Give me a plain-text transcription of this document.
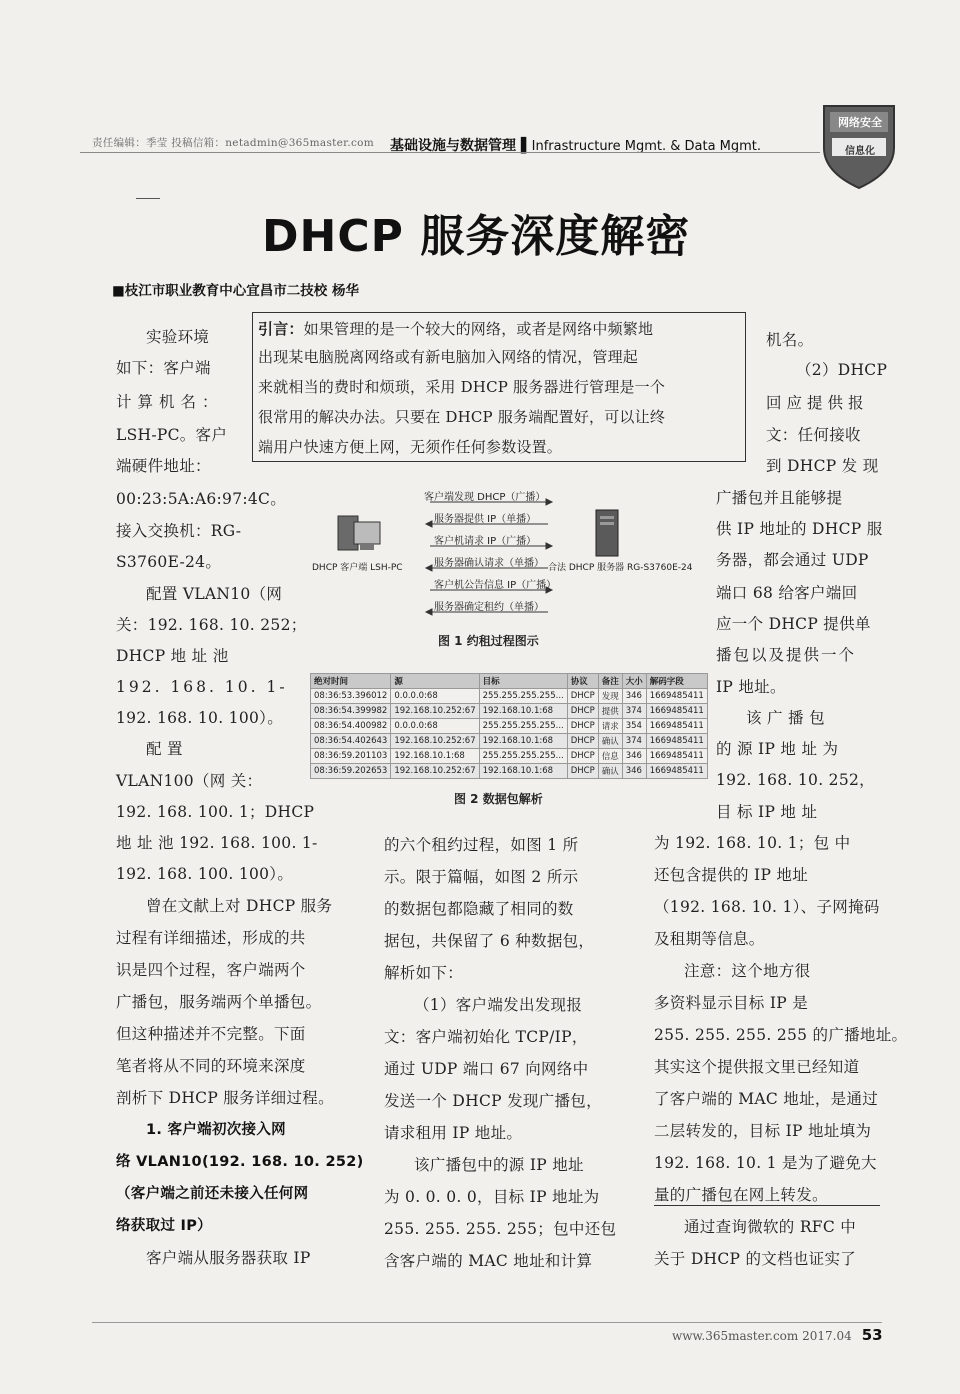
责任编辑：季莹 投稿信箱：netadmin@365master.com 基础设施与数据管理 ▌Infrastructure Mgmt. & Data Mgmt.
网络安全
信息化
DHCP 服务深度解密
■枝江市职业教育中心宜昌市二技校 杨华
引言：如果管理的是一个较大的网络，或者是网络中频繁地
出现某电脑脱离网络或有新电脑加入网络的情况，管理起
来就相当的费时和烦琐，采用 DHCP 服务器进行管理是一个
很常用的解决办法。只要在 DHCP 服务端配置好，可以让终
端用户快速方便上网，无须作任何参数设置。
实验环境
如下：客户端
计算机名：
LSH-PC。客户
端硬件地址：
00:23:5A:A6:97:4C。
接入交换机：RG-
S3760E-24。
配置 VLAN10（网
关：192. 168. 10. 252；
DHCP 地 址 池
192. 168. 10. 1-
192. 168. 10. 100）。
配 置
VLAN100（网 关：
192. 168. 100. 1；DHCP
地 址 池 192. 168. 100. 1-
192. 168. 100. 100）。
曾在文献上对 DHCP 服务
过程有详细描述，形成的共
识是四个过程，客户端两个
广播包，服务端两个单播包。
但这种描述并不完整。下面
笔者将从不同的环境来深度
剖析下 DHCP 服务详细过程。
1. 客户端初次接入网
络 VLAN10(192. 168. 10. 252)
（客户端之前还未接入任何网
络获取过 IP）
客户端从服务器获取 IP
客户端发现 DHCP（广播）
服务器提供 IP（单播）
客户机请求 IP（广播）
服务器确认请求（单播）
客户机公告信息 IP（广播）
服务器确定租约（单播）
DHCP 客户端 LSH-PC	合法 DHCP 服务器 RG-S3760E-24
图 1 约租过程图示
绝对时间	源	目标	协议	备注	大小	解码字段
08:36:53.396012	0.0.0.0:68	255.255.255.255...	DHCP	发现	346	1669485411
08:36:54.399982	192.168.10.252:67	192.168.10.1:68	DHCP	提供	374	1669485411
08:36:54.400982	0.0.0.0:68	255.255.255.255...	DHCP	请求	354	1669485411
08:36:54.402643	192.168.10.252:67	192.168.10.1:68	DHCP	确认	374	1669485411
08:36:59.201103	192.168.10.1:68	255.255.255.255...	DHCP	信息	346	1669485411
08:36:59.202653	192.168.10.252:67	192.168.10.1:68	DHCP	确认	346	1669485411
图 2 数据包解析
的六个租约过程，如图 1 所
示。限于篇幅，如图 2 所示
的数据包都隐藏了相同的数
据包，共保留了 6 种数据包，
解析如下：
（1）客户端发出发现报
文：客户端初始化 TCP/IP，
通过 UDP 端口 67 向网络中
发送一个 DHCP 发现广播包，
请求租用 IP 地址。
该广播包中的源 IP 地址
为 0. 0. 0. 0，目标 IP 地址为
255. 255. 255. 255；包中还包
含客户端的 MAC 地址和计算
机名。
（2）DHCP
回应提供报
文：任何接收
到 DHCP 发 现
广播包并且能够提
供 IP 地址的 DHCP 服
务器，都会通过 UDP
端口 68 给客户端回
应一个 DHCP 提供单
播包以及提供一个
IP 地址。
该 广 播 包
的 源 IP 地 址 为
192. 168. 10. 252，
目 标 IP 地 址
为 192. 168. 10. 1；包 中
还包含提供的 IP 地址
（192. 168. 10. 1）、子网掩码
及租期等信息。
注意：这个地方很
多资料显示目标 IP 是
255. 255. 255. 255 的广播地址。
其实这个提供报文里已经知道
了客户端的 MAC 地址，是通过
二层转发的，目标 IP 地址填为
192. 168. 10. 1 是为了避免大
量的广播包在网上转发。
通过查询微软的 RFC 中
关于 DHCP 的文档也证实了
www.365master.com 2017.04 53
